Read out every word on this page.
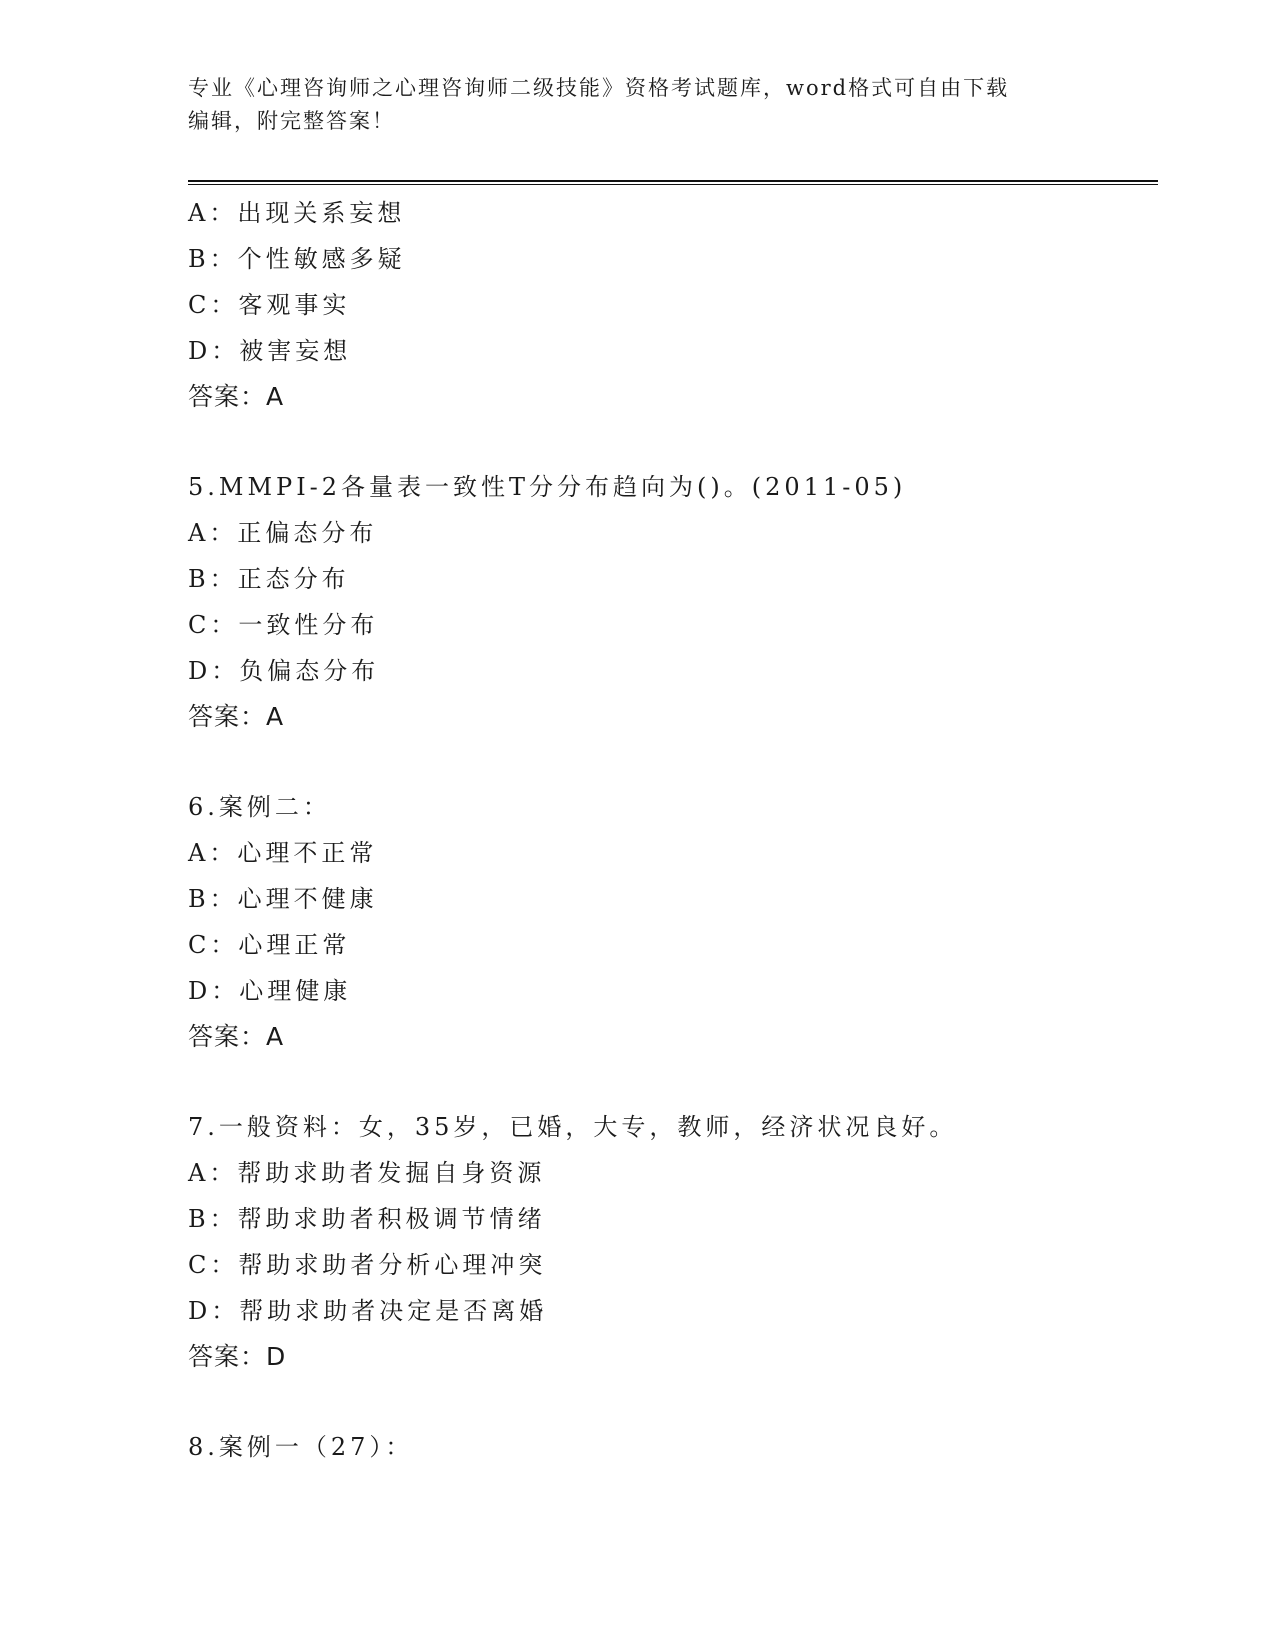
专业《心理咨询师之心理咨询师二级技能》资格考试题库，word格式可自由下载
编辑，附完整答案！
A：出现关系妄想
B：个性敏感多疑
C：客观事实
D：被害妄想
答案：A
5.MMPI-2各量表一致性T分分布趋向为()。(2011-05)
A：正偏态分布
B：正态分布
C：一致性分布
D：负偏态分布
答案：A
6.案例二：
A：心理不正常
B：心理不健康
C：心理正常
D：心理健康
答案：A
7.一般资料：女，35岁，已婚，大专，教师，经济状况良好。
A：帮助求助者发掘自身资源
B：帮助求助者积极调节情绪
C：帮助求助者分析心理冲突
D：帮助求助者决定是否离婚
答案：D
8.案例一（27）：
